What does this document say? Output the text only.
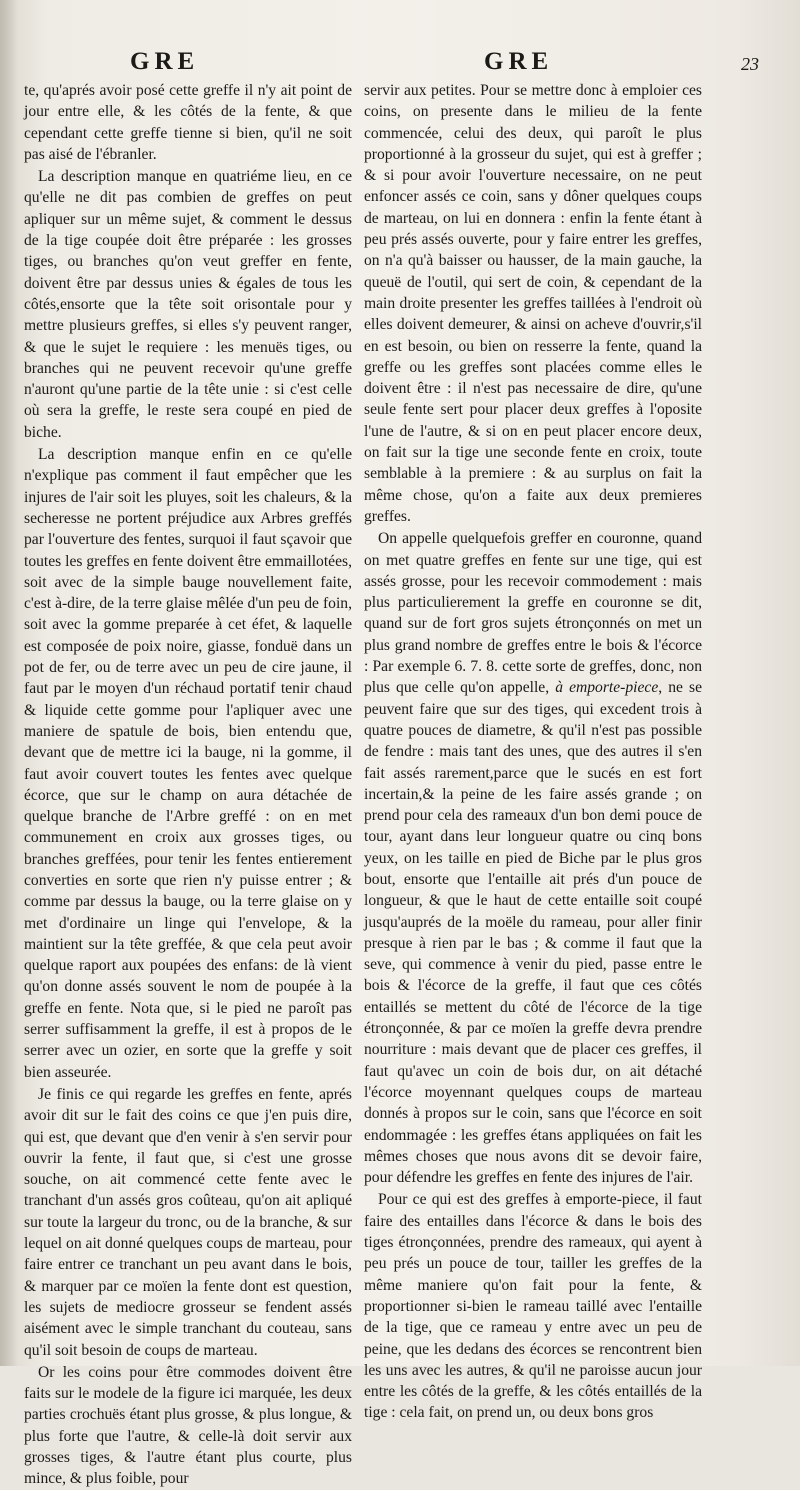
GRE	GRE	23

te, qu'aprés avoir posé cette greffe il n'y ait point de jour entre elle, & les côtés de la fente, & que cependant cette greffe tienne si bien, qu'il ne soit pas aisé de l'ébranler.

La description manque en quatriéme lieu, en ce qu'elle ne dit pas combien de greffes on peut apliquer sur un même sujet, & comment le dessus de la tige coupée doit être préparée : les grosses tiges, ou branches qu'on veut greffer en fente, doivent être par dessus unies & égales de tous les côtés,ensorte que la tête soit orisontale pour y mettre plusieurs greffes, si elles s'y peuvent ranger, & que le sujet le requiere : les menuës tiges, ou branches qui ne peuvent recevoir qu'une greffe n'auront qu'une partie de la tête unie : si c'est celle où sera la greffe, le reste sera coupé en pied de biche.

La description manque enfin en ce qu'elle n'explique pas comment il faut empêcher que les injures de l'air soit les pluyes, soit les chaleurs, & la secheresse ne portent préjudice aux Arbres greffés par l'ouverture des fentes, surquoi il faut sçavoir que toutes les greffes en fente doivent être emmaillotées, soit avec de la simple bauge nouvellement faite, c'est à-dire, de la terre glaise mêlée d'un peu de foin, soit avec la gomme preparée à cet éfet, & laquelle est composée de poix noire, giasse, fonduë dans un pot de fer, ou de terre avec un peu de cire jaune, il faut par le moyen d'un réchaud portatif tenir chaud & liquide cette gomme pour l'apliquer avec une maniere de spatule de bois, bien entendu que, devant que de mettre ici la bauge, ni la gomme, il faut avoir couvert toutes les fentes avec quelque écorce, que sur le champ on aura détachée de quelque branche de l'Arbre greffé : on en met communement en croix aux grosses tiges, ou branches greffées, pour tenir les fentes entierement converties en sorte que rien n'y puisse entrer ; & comme par dessus la bauge, ou la terre glaise on y met d'ordinaire un linge qui l'envelope, & la maintient sur la tête greffée, & que cela peut avoir quelque raport aux poupées des enfans: de là vient qu'on donne assés souvent le nom de poupée à la greffe en fente. Nota que, si le pied ne paroît pas serrer suffisamment la greffe, il est à propos de le serrer avec un ozier, en sorte que la greffe y soit bien asseurée.

Je finis ce qui regarde les greffes en fente, aprés avoir dit sur le fait des coins ce que j'en puis dire, qui est, que devant que d'en venir à s'en servir pour ouvrir la fente, il faut que, si c'est une grosse souche, on ait commencé cette fente avec le tranchant d'un assés gros coûteau, qu'on ait apliqué sur toute la largeur du tronc, ou de la branche, & sur lequel on ait donné quelques coups de marteau, pour faire entrer ce tranchant un peu avant dans le bois, & marquer par ce moïen la fente dont est question, les sujets de mediocre grosseur se fendent assés aisément avec le simple tranchant du couteau, sans qu'il soit besoin de coups de marteau.

Or les coins pour être commodes doivent être faits sur le modele de la figure ici marquée, les deux parties crochuës étant plus grosse, & plus longue, & plus forte que l'autre, & celle-là doit servir aux grosses tiges, & l'autre étant plus courte, plus mince, & plus foible, pour

servir aux petites. Pour se mettre donc à emploier ces coins, on presente dans le milieu de la fente commencée, celui des deux, qui paroît le plus proportionné à la grosseur du sujet, qui est à greffer ; & si pour avoir l'ouverture necessaire, on ne peut enfoncer assés ce coin, sans y dôner quelques coups de marteau, on lui en donnera : enfin la fente étant à peu prés assés ouverte, pour y faire entrer les greffes, on n'a qu'à baisser ou hausser, de la main gauche, la queuë de l'outil, qui sert de coin, & cependant de la main droite presenter les greffes taillées à l'endroit où elles doivent demeurer, & ainsi on acheve d'ouvrir,s'il en est besoin, ou bien on resserre la fente, quand la greffe ou les greffes sont placées comme elles le doivent être : il n'est pas necessaire de dire, qu'une seule fente sert pour placer deux greffes à l'oposite l'une de l'autre, & si on en peut placer encore deux, on fait sur la tige une seconde fente en croix, toute semblable à la premiere : & au surplus on fait la même chose, qu'on a faite aux deux premieres greffes.

On appelle quelquefois greffer en couronne, quand on met quatre greffes en fente sur une tige, qui est assés grosse, pour les recevoir commodement : mais plus particulierement la greffe en couronne se dit, quand sur de fort gros sujets étronçonnés on met un plus grand nombre de greffes entre le bois & l'écorce : Par exemple 6. 7. 8. cette sorte de greffes, donc, non plus que celle qu'on appelle, à emporte-piece, ne se peuvent faire que sur des tiges, qui excedent trois à quatre pouces de diametre, & qu'il n'est pas possible de fendre : mais tant des unes, que des autres il s'en fait assés rarement,parce que le sucés en est fort incertain,& la peine de les faire assés grande ; on prend pour cela des rameaux d'un bon demi pouce de tour, ayant dans leur longueur quatre ou cinq bons yeux, on les taille en pied de Biche par le plus gros bout, ensorte que l'entaille ait prés d'un pouce de longueur, & que le haut de cette entaille soit coupé jusqu'auprés de la moële du rameau, pour aller finir presque à rien par le bas ; & comme il faut que la seve, qui commence à venir du pied, passe entre le bois & l'écorce de la greffe, il faut que ces côtés entaillés se mettent du côté de l'écorce de la tige étronçonnée, & par ce moïen la greffe devra prendre nourriture : mais devant que de placer ces greffes, il faut qu'avec un coin de bois dur, on ait détaché l'écorce moyennant quelques coups de marteau donnés à propos sur le coin, sans que l'écorce en soit endommagée : les greffes étans appliquées on fait les mêmes choses que nous avons dit se devoir faire, pour défendre les greffes en fente des injures de l'air.

Pour ce qui est des greffes à emporte-piece, il faut faire des entailles dans l'écorce & dans le bois des tiges étronçonnées, prendre des rameaux, qui ayent à peu prés un pouce de tour, tailler les greffes de la même maniere qu'on fait pour la fente, & proportionner si-bien le rameau taillé avec l'entaille de la tige, que ce rameau y entre avec un peu de peine, que les dedans des écorces se rencontrent bien les uns avec les autres, & qu'il ne paroisse aucun jour entre les côtés de la greffe, & les côtés entaillés de la tige : cela fait, on prend un, ou deux bons gros
